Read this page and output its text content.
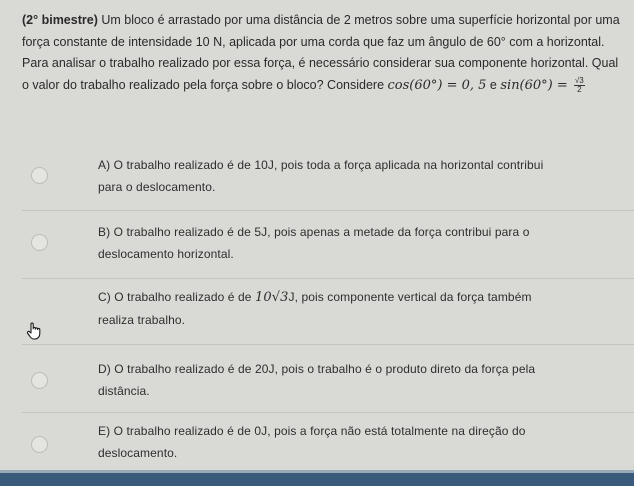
(2° bimestre) Um bloco é arrastado por uma distância de 2 metros sobre uma superfície horizontal por uma força constante de intensidade 10 N, aplicada por uma corda que faz um ângulo de 60° com a horizontal. Para analisar o trabalho realizado por essa força, é necessário considerar sua componente horizontal. Qual o valor do trabalho realizado pela força sobre o bloco? Considere cos(60°) = 0, 5 e $\sin(60^\circ) = \frac{√3}{2}$
A) O trabalho realizado é de 10J, pois toda a força aplicada na horizontal contribui
para o deslocamento.
B) O trabalho realizado é de 5J, pois apenas a metade da força contribui para o
deslocamento horizontal.
C) O trabalho realizado é de 10√3J, pois componente vertical da força também
realiza trabalho.
D) O trabalho realizado é de 20J, pois o trabalho é o produto direto da força pela
distância.
E) O trabalho realizado é de 0J, pois a força não está totalmente na direção do
deslocamento.
